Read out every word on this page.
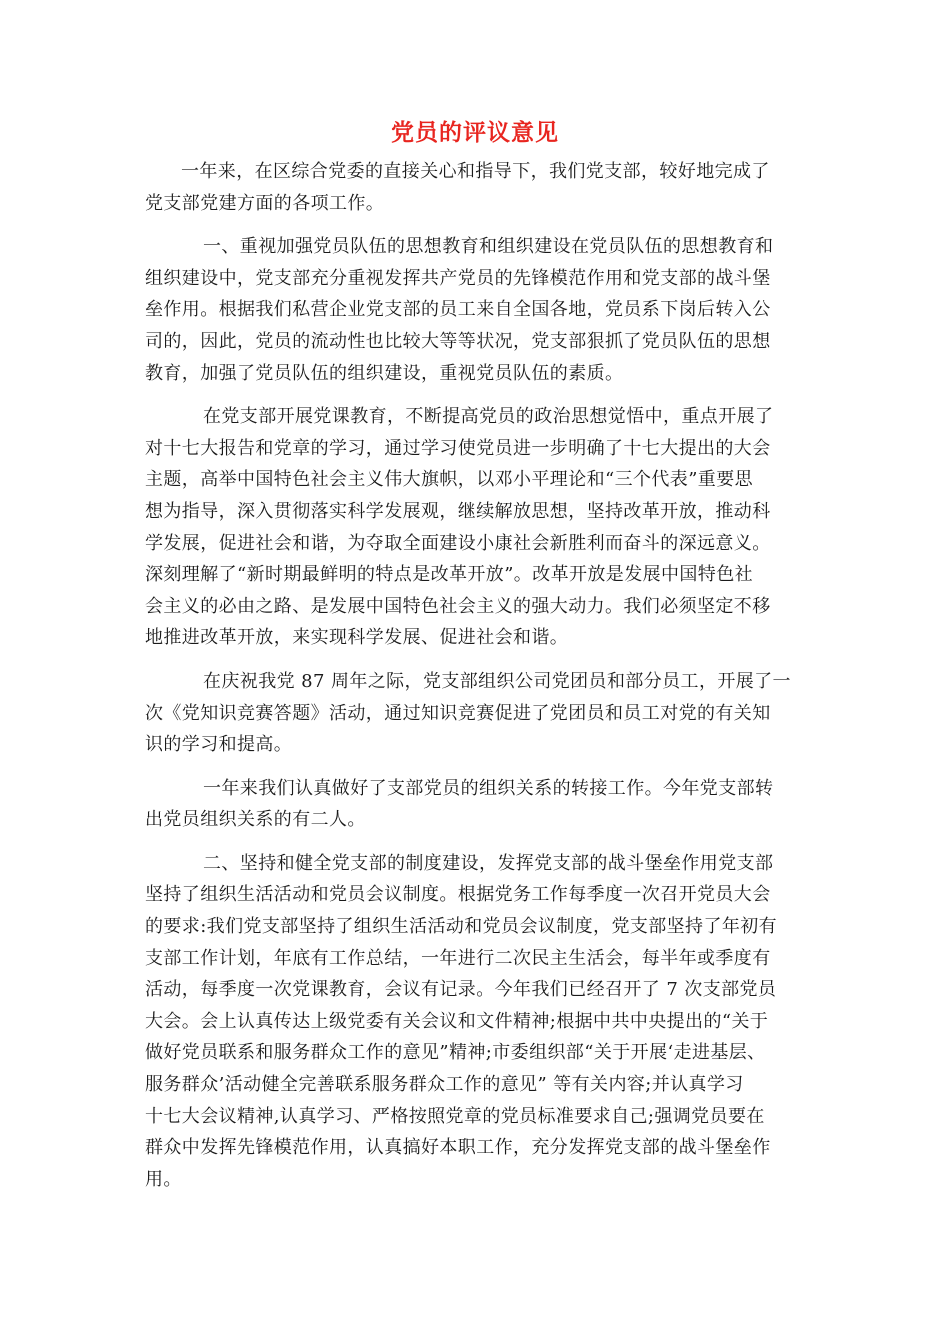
党员的评议意见

一年来，在区综合党委的直接关心和指导下，我们党支部，较好地完成了
党支部党建方面的各项工作。

一、重视加强党员队伍的思想教育和组织建设在党员队伍的思想教育和
组织建设中，党支部充分重视发挥共产党员的先锋模范作用和党支部的战斗堡
垒作用。根据我们私营企业党支部的员工来自全国各地，党员系下岗后转入公
司的，因此，党员的流动性也比较大等等状况，党支部狠抓了党员队伍的思想
教育，加强了党员队伍的组织建设，重视党员队伍的素质。

在党支部开展党课教育，不断提高党员的政治思想觉悟中，重点开展了
对十七大报告和党章的学习，通过学习使党员进一步明确了十七大提出的大会
主题，高举中国特色社会主义伟大旗帜，以邓小平理论和“三个代表”重要思
想为指导，深入贯彻落实科学发展观，继续解放思想，坚持改革开放，推动科
学发展，促进社会和谐，为夺取全面建设小康社会新胜利而奋斗的深远意义。
深刻理解了“新时期最鲜明的特点是改革开放”。改革开放是发展中国特色社
会主义的必由之路、是发展中国特色社会主义的强大动力。我们必须坚定不移
地推进改革开放，来实现科学发展、促进社会和谐。

在庆祝我党 87 周年之际，党支部组织公司党团员和部分员工，开展了一
次《党知识竞赛答题》活动，通过知识竞赛促进了党团员和员工对党的有关知
识的学习和提高。

一年来我们认真做好了支部党员的组织关系的转接工作。今年党支部转
出党员组织关系的有二人。

二、坚持和健全党支部的制度建设，发挥党支部的战斗堡垒作用党支部
坚持了组织生活活动和党员会议制度。根据党务工作每季度一次召开党员大会
的要求:我们党支部坚持了组织生活活动和党员会议制度，党支部坚持了年初有
支部工作计划，年底有工作总结，一年进行二次民主生活会，每半年或季度有
活动，每季度一次党课教育，会议有记录。今年我们已经召开了 7 次支部党员
大会。会上认真传达上级党委有关会议和文件精神;根据中共中央提出的“关于
做好党员联系和服务群众工作的意见”精神;市委组织部“关于开展‘走进基层、
服务群众’活动健全完善联系服务群众工作的意见” 等有关内容;并认真学习
十七大会议精神,认真学习、严格按照党章的党员标准要求自己;强调党员要在
群众中发挥先锋模范作用，认真搞好本职工作，充分发挥党支部的战斗堡垒作
用。
